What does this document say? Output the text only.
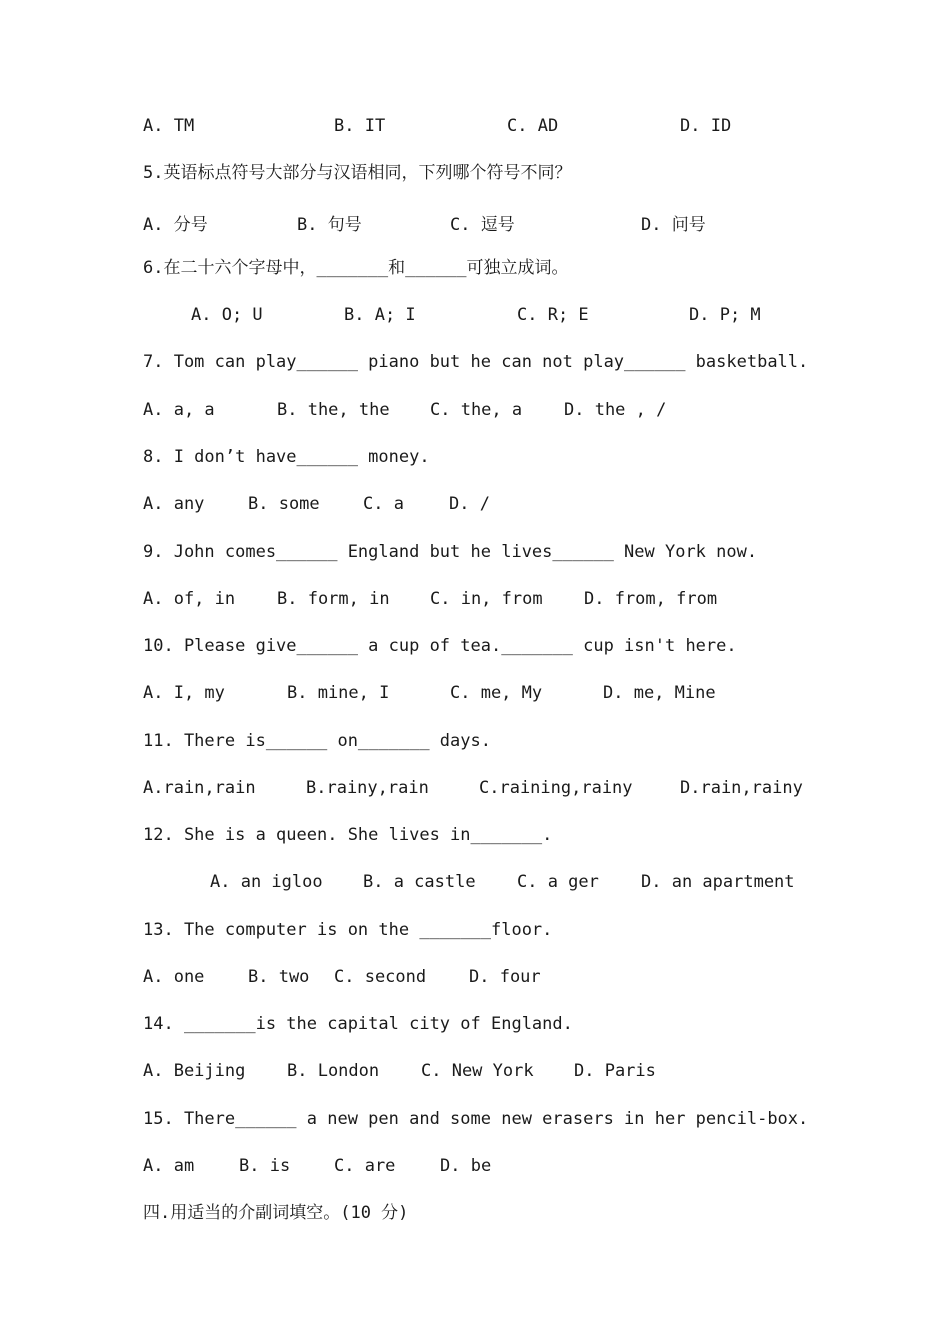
A. TM	B. IT	C. AD	D. ID
5.英语标点符号大部分与汉语相同，下列哪个符号不同？
A. 分号	B. 句号	C. 逗号	D. 问号
6.在二十六个字母中，_______和______可独立成词。
A. O; U	B. A; I	C. R; E	D. P; M
7. Tom can play______ piano but he can not play______ basketball.
A. a, a	B. the, the C. the, a D. the , /
8. I don’t have______ money.
A. any	B. some	C. a	D. /
9. John comes______ England but he lives______ New York now.
A. of, in B. form, in C. in, from D. from, from
10. Please give______ a cup of tea._______ cup isn't here.
A. I, my	B. mine, I	C. me, My	D. me, Mine
11. There is______ on_______ days.
A.rain,rain	B.rainy,rain	C.raining,rainy	D.rain,rainy
12. She is a queen. She lives in_______.
A. an igloo B. a castle C. a ger D. an apartment
13. The computer is on the _______floor.
A. one	B. two C. second	D. four
14. _______is the capital city of England.
A. Beijing B. London C. New York D. Paris
15. There______ a new pen and some new erasers in her pencil-box.
A. am	B. is	C. are	D. be
四.用适当的介副词填空。(10 分)
